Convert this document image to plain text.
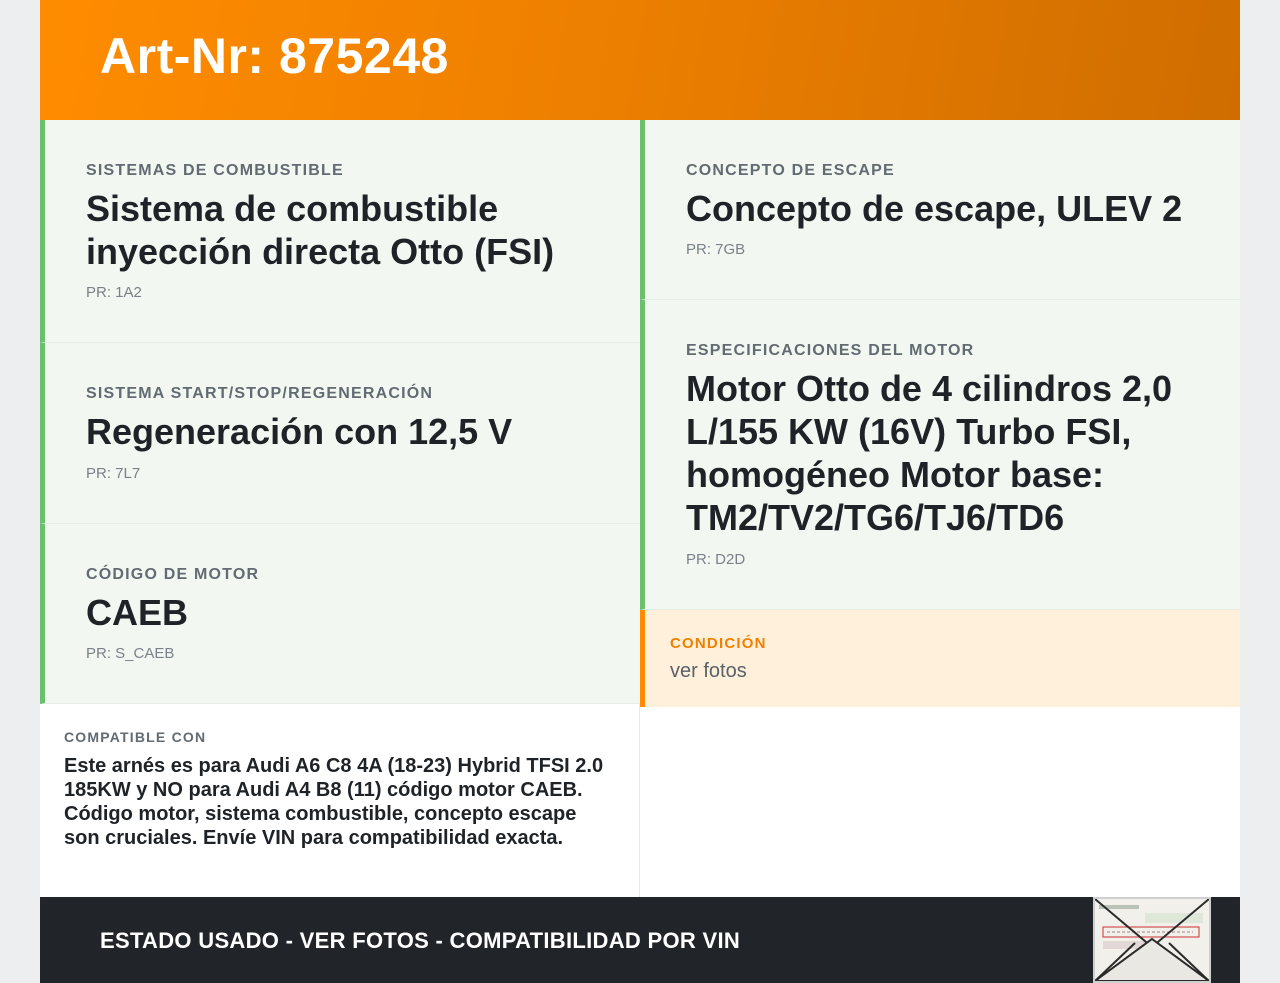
Art-Nr: 875248
SISTEMAS DE COMBUSTIBLE
Sistema de combustible inyección directa Otto (FSI)
PR: 1A2
SISTEMA START/STOP/REGENERACIÓN
Regeneración con 12,5 V
PR: 7L7
CÓDIGO DE MOTOR
CAEB
PR: S_CAEB
CONCEPTO DE ESCAPE
Concepto de escape, ULEV 2
PR: 7GB
ESPECIFICACIONES DEL MOTOR
Motor Otto de 4 cilindros 2,0 L/155 KW (16V) Turbo FSI, homogéneo Motor base: TM2/TV2/TG6/TJ6/TD6
PR: D2D
CONDICIÓN
ver fotos
COMPATIBLE CON
Este arnés es para Audi A6 C8 4A (18-23) Hybrid TFSI 2.0 185KW y NO para Audi A4 B8 (11) código motor CAEB. Código motor, sistema combustible, concepto escape son cruciales. Envíe VIN para compatibilidad exacta.
ESTADO USADO - VER FOTOS - COMPATIBILIDAD POR VIN
